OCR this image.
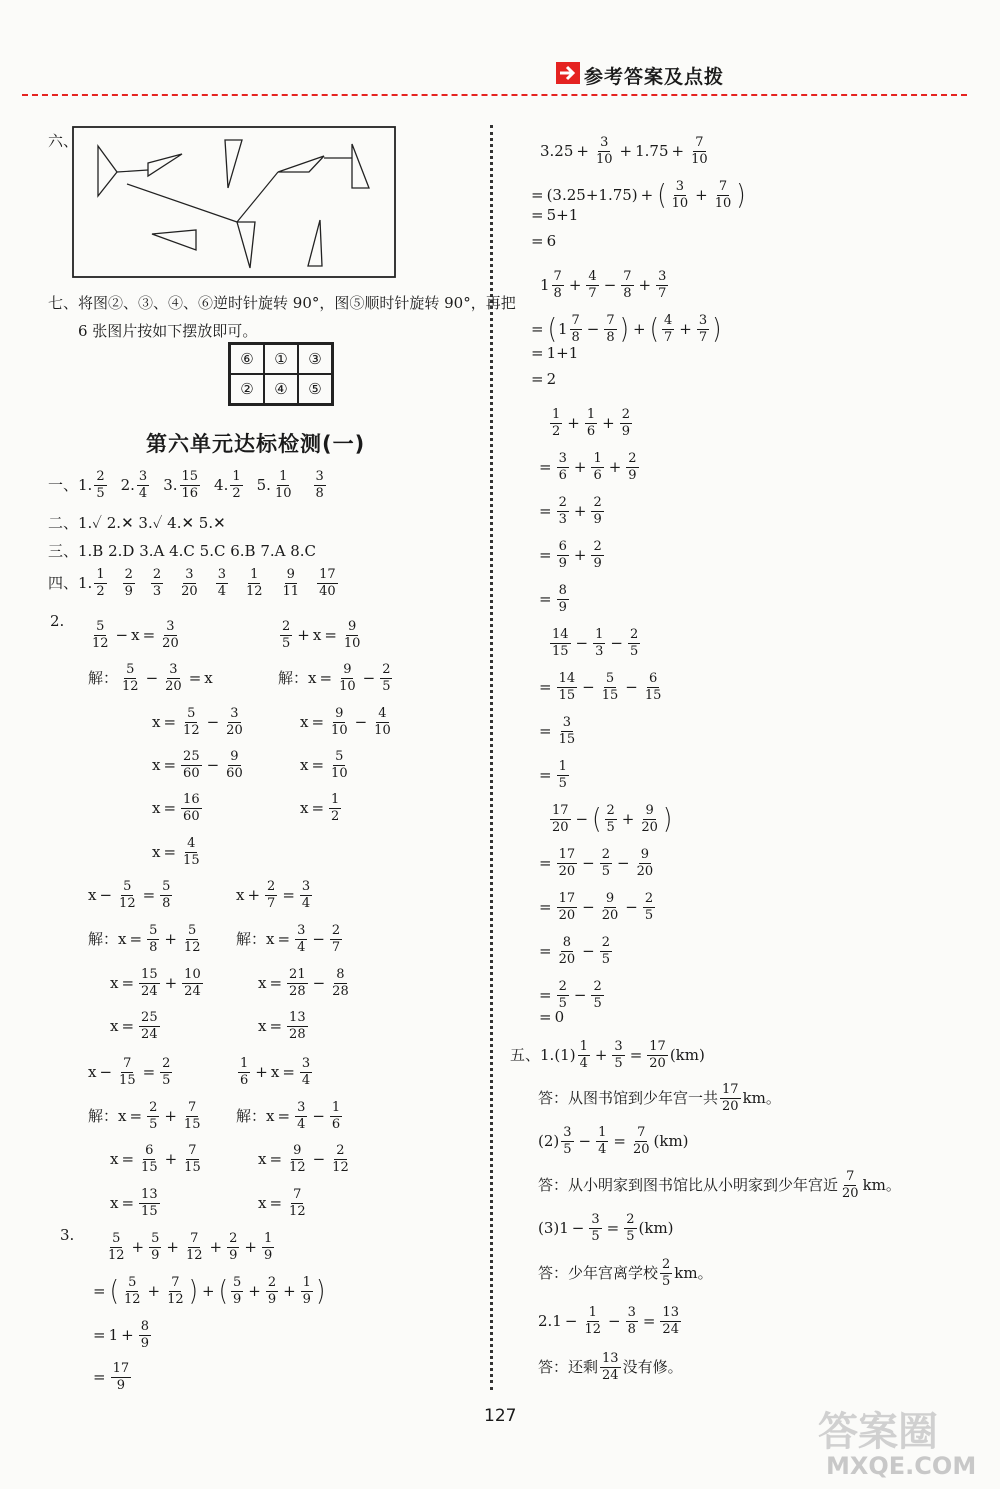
参考答案及点拨
六、
七、将图②、③、④、⑥逆时针旋转 90°，图⑤顺时针旋转 90°，再把
6 张图片按如下摆放即可。
⑥	①	③
②	④	⑤
第六单元达标检测(一)
一、1. $\frac{2}{5} 2$. $\frac{3}{4} 3$. $\frac{15}{16} 4$. $\frac{1}{2} 5$. $\frac{1}{10} \frac{3}{8}$
二、1.✓ 2.✕ 3.✓ 4.✕ 5.✕
三、1.B 2.D 3.A 4.C 5.C 6.B 7.A 8.C
四、1. $\frac{1}{2} \frac{2}{9} \frac{2}{3} \frac{3}{20} \frac{3}{4} \frac{1}{12} \frac{9}{11} \frac{17}{40}$
2.
五、1. $(1) \frac{1}{4} + \frac{3}{5} = \frac{17}{20} (km)$
答：从图书馆到少年宫一共 $\frac{17}{20}$ km。
$(2) \frac{3}{5} - \frac{1}{4} = \frac{7}{20} (km)$
答：从小明家到图书馆比从小明家到少年宫近 $\frac{7}{20}$ km。
$(3)1 - \frac{3}{5} = \frac{2}{5} (km)$
答：少年宫离学校 $\frac{2}{5}$ km。
$2.1 - \frac{1}{12} - \frac{3}{8} = \frac{13}{24}$
答：还剩 $\frac{13}{24}$ 没有修。
127	答案圈
MXQE.COM
$\frac{5}{12} - x = \frac{3}{20}$
解： $\frac{5}{12} - \frac{3}{20} = x$
$x = \frac{5}{12} - \frac{3}{20}$
$x = \frac{25}{60} - \frac{9}{60}$
$x = \frac{16}{60}$
$x = \frac{4}{15}$
$\frac{2}{5} + x = \frac{9}{10}$
解： $x = \frac{9}{10} - \frac{2}{5}$
$x = \frac{9}{10} - \frac{4}{10}$
$x = \frac{5}{10}$
$x = \frac{1}{2}$
$x - \frac{5}{12} = \frac{5}{8}$
解： $x = \frac{5}{8} + \frac{5}{12}$
$x = \frac{15}{24} + \frac{10}{24}$
$x = \frac{25}{24}$
$x + \frac{2}{7} = \frac{3}{4}$
解： $x = \frac{3}{4} - \frac{2}{7}$
$x = \frac{21}{28} - \frac{8}{28}$
$x = \frac{13}{28}$
$x - \frac{7}{15} = \frac{2}{5}$
解： $x = \frac{2}{5} + \frac{7}{15}$
$x = \frac{6}{15} + \frac{7}{15}$
$x = \frac{13}{15}$
$\frac{1}{6} + x = \frac{3}{4}$
解： $x = \frac{3}{4} - \frac{1}{6}$
$x = \frac{9}{12} - \frac{2}{12}$
$x = \frac{7}{12}$
$\frac{5}{12} + \frac{5}{9} + \frac{7}{12} + \frac{2}{9} + \frac{1}{9}$
= ( $\frac{5}{12} + \frac{7}{12}$ ) + ( $\frac{5}{9} + \frac{2}{9} + \frac{1}{9}$ )
= $1 + \frac{8}{9}$
= $\frac{17}{9}$
$3.25 + \frac{3}{10} + 1.75 + \frac{7}{10}$
= (3.25+1.75) + ( $\frac{3}{10} + \frac{7}{10}$ )
= 5+1
= 6
$1 \frac{7}{8} + \frac{4}{7} - \frac{7}{8} + \frac{3}{7}$
= ( $1 \frac{7}{8} - \frac{7}{8}$ ) + ( $\frac{4}{7} + \frac{3}{7}$ )
= 1+1
= 2
$\frac{1}{2} + \frac{1}{6} + \frac{2}{9}$
= $\frac{3}{6} + \frac{1}{6} + \frac{2}{9}$
= $\frac{2}{3} + \frac{2}{9}$
= $\frac{6}{9} + \frac{2}{9}$
= $\frac{8}{9}$
$\frac{14}{15} - \frac{1}{3} - \frac{2}{5}$
= $\frac{14}{15} - \frac{5}{15} - \frac{6}{15}$
= $\frac{3}{15}$
= $\frac{1}{5}$
$\frac{17}{20}$ − ( $\frac{2}{5} + \frac{9}{20}$ )
= $\frac{17}{20} - \frac{2}{5} - \frac{9}{20}$
= $\frac{17}{20} - \frac{9}{20} - \frac{2}{5}$
= $\frac{8}{20} - \frac{2}{5}$
= $\frac{2}{5} - \frac{2}{5}$
= 0
3.
